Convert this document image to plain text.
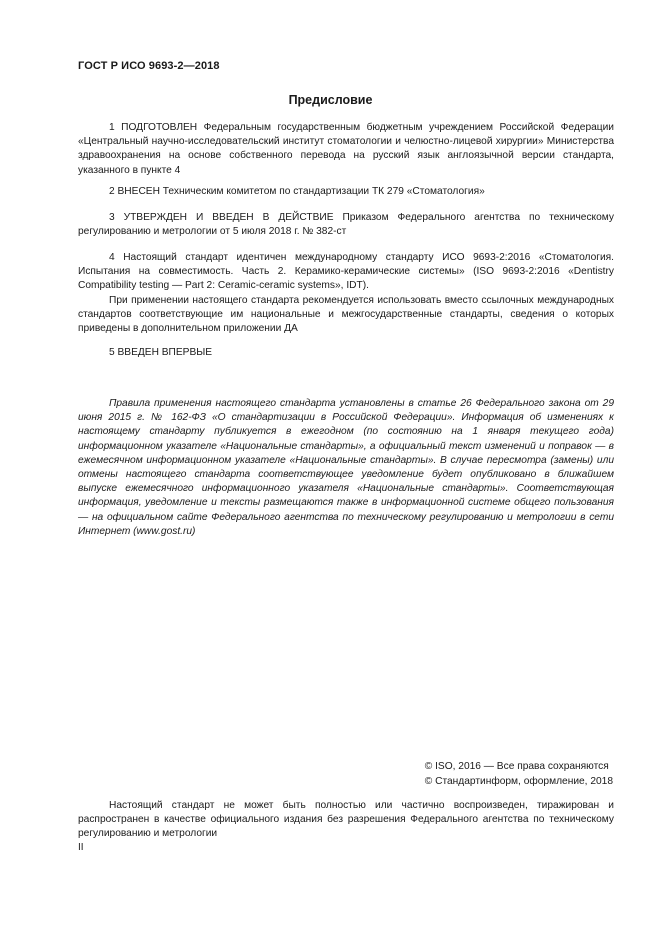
ГОСТ Р ИСО 9693-2—2018
Предисловие

1 ПОДГОТОВЛЕН Федеральным государственным бюджетным учреждением Российской Федерации «Центральный научно-исследовательский институт стоматологии и челюстно-лицевой хирургии» Министерства здравоохранения на основе собственного перевода на русский язык англоязычной версии стандарта, указанного в пункте 4

2 ВНЕСЕН Техническим комитетом по стандартизации ТК 279 «Стоматология»

3 УТВЕРЖДЕН И ВВЕДЕН В ДЕЙСТВИЕ Приказом Федерального агентства по техническому регулированию и метрологии от 5 июля 2018 г. № 382-ст

4 Настоящий стандарт идентичен международному стандарту ИСО 9693-2:2016 «Стоматология. Испытания на совместимость. Часть 2. Керамико-керамические системы» (ISO 9693-2:2016 «Dentistry Compatibility testing — Part 2: Ceramic-ceramic systems», IDT).

При применении настоящего стандарта рекомендуется использовать вместо ссылочных международных стандартов соответствующие им национальные и межгосударственные стандарты, сведения о которых приведены в дополнительном приложении ДА

5 ВВЕДЕН ВПЕРВЫЕ

Правила применения настоящего стандарта установлены в статье 26 Федерального закона от 29 июня 2015 г. № 162-ФЗ «О стандартизации в Российской Федерации». Информация об изменениях к настоящему стандарту публикуется в ежегодном (по состоянию на 1 января текущего года) информационном указателе «Национальные стандарты», а официальный текст изменений и поправок — в ежемесячном информационном указателе «Национальные стандарты». В случае пересмотра (замены) или отмены настоящего стандарта соответствующее уведомление будет опубликовано в ближайшем выпуске ежемесячного информационного указателя «Национальные стандарты». Соответствующая информация, уведомление и тексты размещаются также в информационной системе общего пользования — на официальном сайте Федерального агентства по техническому регулированию и метрологии в сети Интернет (www.gost.ru)
© ISO, 2016 — Все права сохраняются
© Стандартинформ, оформление, 2018
Настоящий стандарт не может быть полностью или частично воспроизведен, тиражирован и распространен в качестве официального издания без разрешения Федерального агентства по техническому регулированию и метрологии
II
